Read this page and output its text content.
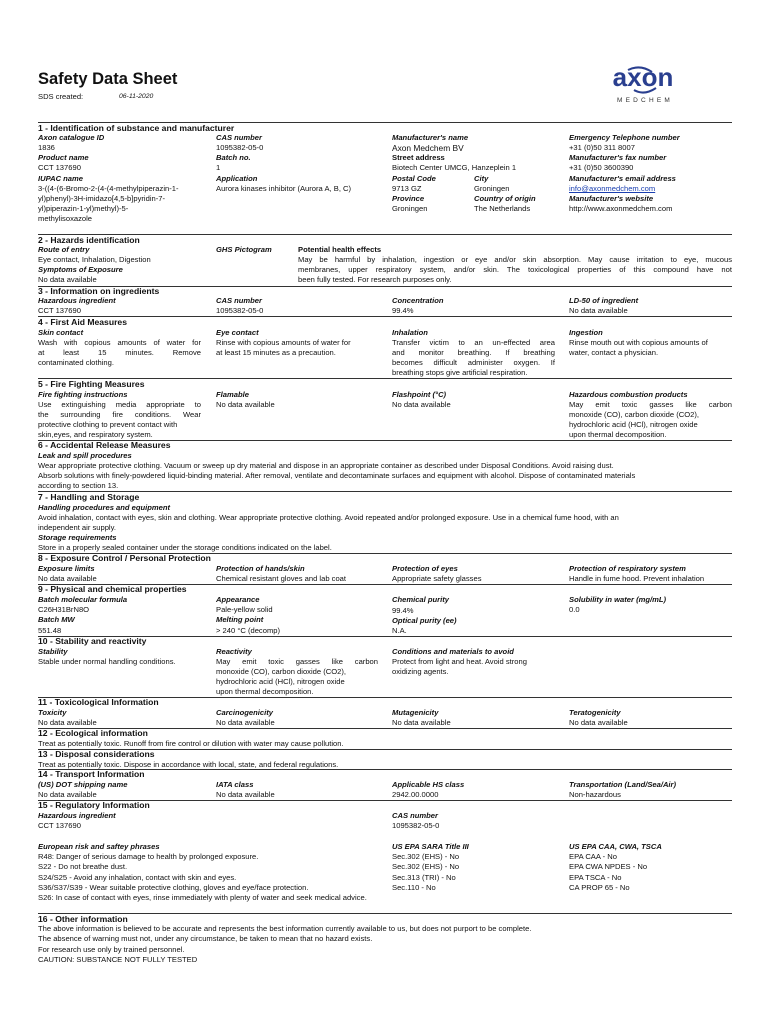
Safety Data Sheet
SDS created:	06-11-2020
axon
MEDCHEM
1 - Identification of substance and manufacturer
Axon catalogue ID
1836
Product name
CCT 137690
IUPAC name
3-((4-(6-Bromo-2-(4-(4-methylpiperazin-1-
yl)phenyl)-3H-imidazo[4,5-b]pyridin-7-
yl)piperazin-1-yl)methyl)-5-
methylisoxazole
CAS number
1095382-05-0
Batch no.
1
Application
Aurora kinases inhibitor (Aurora A, B, C)
Manufacturer's name
Axon Medchem BV
Street address
Biotech Center UMCG, Hanzeplein 1
Postal Code
9713 GZ
City
Groningen
Province
Groningen
Country of origin
The Netherlands
Emergency Telephone number
+31 (0)50 311 8007
Manufacturer's fax number
+31 (0)50 3600390
Manufacturer's email address
info@axonmedchem.com
Manufacturer's website
http://www.axonmedchem.com
2 - Hazards identification
Route of entry
Eye contact, Inhalation, Digestion
Symptoms of Exposure
No data available
GHS Pictogram	Potential health effects
May be harmful by inhalation, ingestion or eye and/or skin absorption. May cause irritation to eye, mucous
membranes, upper respiratory system, and/or skin. The toxicological properties of this compound have not
been fully tested. For research purposes only.
3 - Information on ingredients
Hazardous ingredient
CCT 137690
CAS number
1095382-05-0
Concentration
99.4%
LD-50 of ingredient
No data available
4 - First Aid Measures
Skin contact
Wash with copious amounts of water for
at least 15 minutes. Remove
contaminated clothing.
Eye contact
Rinse with copious amounts of water for
at least 15 minutes as a precaution.
Inhalation
Transfer victim to an un-effected area
and monitor breathing. If breathing
becomes difficult administer oxygen. If
breathing stops give artificial respiration.
Ingestion
Rinse mouth out with copious amounts of
water, contact a physician.
5 - Fire Fighting Measures
Fire fighting instructions
Use extinguishing media appropriate to
the surrounding fire conditions. Wear
protective clothing to prevent contact with
skin,eyes, and respiratory system.
Flamable
No data available
Flashpoint (°C)
No data available
Hazardous combustion products
May emit toxic gasses like carbon
monoxide (CO), carbon dioxide (CO2),
hydrochloric acid (HCl), nitrogen oxide
upon thermal decomposition.
6 - Accidental Release Measures
Leak and spill procedures
Wear appropriate protective clothing. Vacuum or sweep up dry material and dispose in an appropriate container as described under Disposal Conditions. Avoid raising dust.
Absorb solutions with finely-powdered liquid-binding material. After removal, ventilate and decontaminate surfaces and equipment with alcohol. Dispose of contaminated materials
according to section 13.
7 - Handling and Storage
Handling procedures and equipment
Avoid inhalation, contact with eyes, skin and clothing. Wear appropriate protective clothing. Avoid repeated and/or prolonged exposure. Use in a chemical fume hood, with an
independent air supply.
Storage requirements
Store in a properly sealed container under the storage conditions indicated on the label.
8 - Exposure Control / Personal Protection
Exposure limits
No data available
Protection of hands/skin
Chemical resistant gloves and lab coat
Protection of eyes
Appropriate safety glasses
Protection of respiratory system
Handle in fume hood. Prevent inhalation
9 - Physical and chemical properties
Batch molecular formula
C26H31BrN8O
Batch MW
551.48
Appearance
Pale-yellow solid
Melting point
> 240 °C (decomp)
Chemical purity
99.4%
Optical purity (ee)
N.A.
Solubility in water (mg/mL)
0.0
10 - Stability and reactivity
Stability
Stable under normal handling conditions.
Reactivity
May emit toxic gasses like carbon
monoxide (CO), carbon dioxide (CO2),
hydrochloric acid (HCl), nitrogen oxide
upon thermal decomposition.
Conditions and materials to avoid
Protect from light and heat. Avoid strong
oxidizing agents.
11 - Toxicological Information
Toxicity
No data available
Carcinogenicity
No data available
Mutagenicity
No data available
Teratogenicity
No data available
12 - Ecological information
Treat as potentially toxic. Runoff from fire control or dilution with water may cause pollution.
13 - Disposal considerations
Treat as potentially toxic. Dispose in accordance with local, state, and federal regulations.
14 - Transport Information
(US) DOT shipping name
No data available
IATA class
No data available
Applicable HS class
2942.00.0000
Transportation (Land/Sea/Air)
Non-hazardous
15 - Regulatory Information
Hazardous ingredient
CCT 137690
CAS number
1095382-05-0
European risk and saftey phrases
R48: Danger of serious damage to health by prolonged exposure.
S22 - Do not breathe dust.
S24/S25 - Avoid any inhalation, contact with skin and eyes.
S36/S37/S39 - Wear suitable protective clothing, gloves and eye/face protection.
S26: In case of contact with eyes, rinse immediately with plenty of water and seek medical advice.
US EPA SARA Title III
Sec.302 (EHS) - No
Sec.302 (EHS) - No
Sec.313 (TRI) - No
Sec.110 - No
US EPA CAA, CWA, TSCA
EPA CAA - No
EPA CWA NPDES - No
EPA TSCA - No
CA PROP 65 - No
16 - Other information
The above information is believed to be accurate and represents the best information currently available to us, but does not purport to be complete.
The absence of warning must not, under any circumstance, be taken to mean that no hazard exists.
For research use only by trained personnel.
CAUTION: SUBSTANCE NOT FULLY TESTED
